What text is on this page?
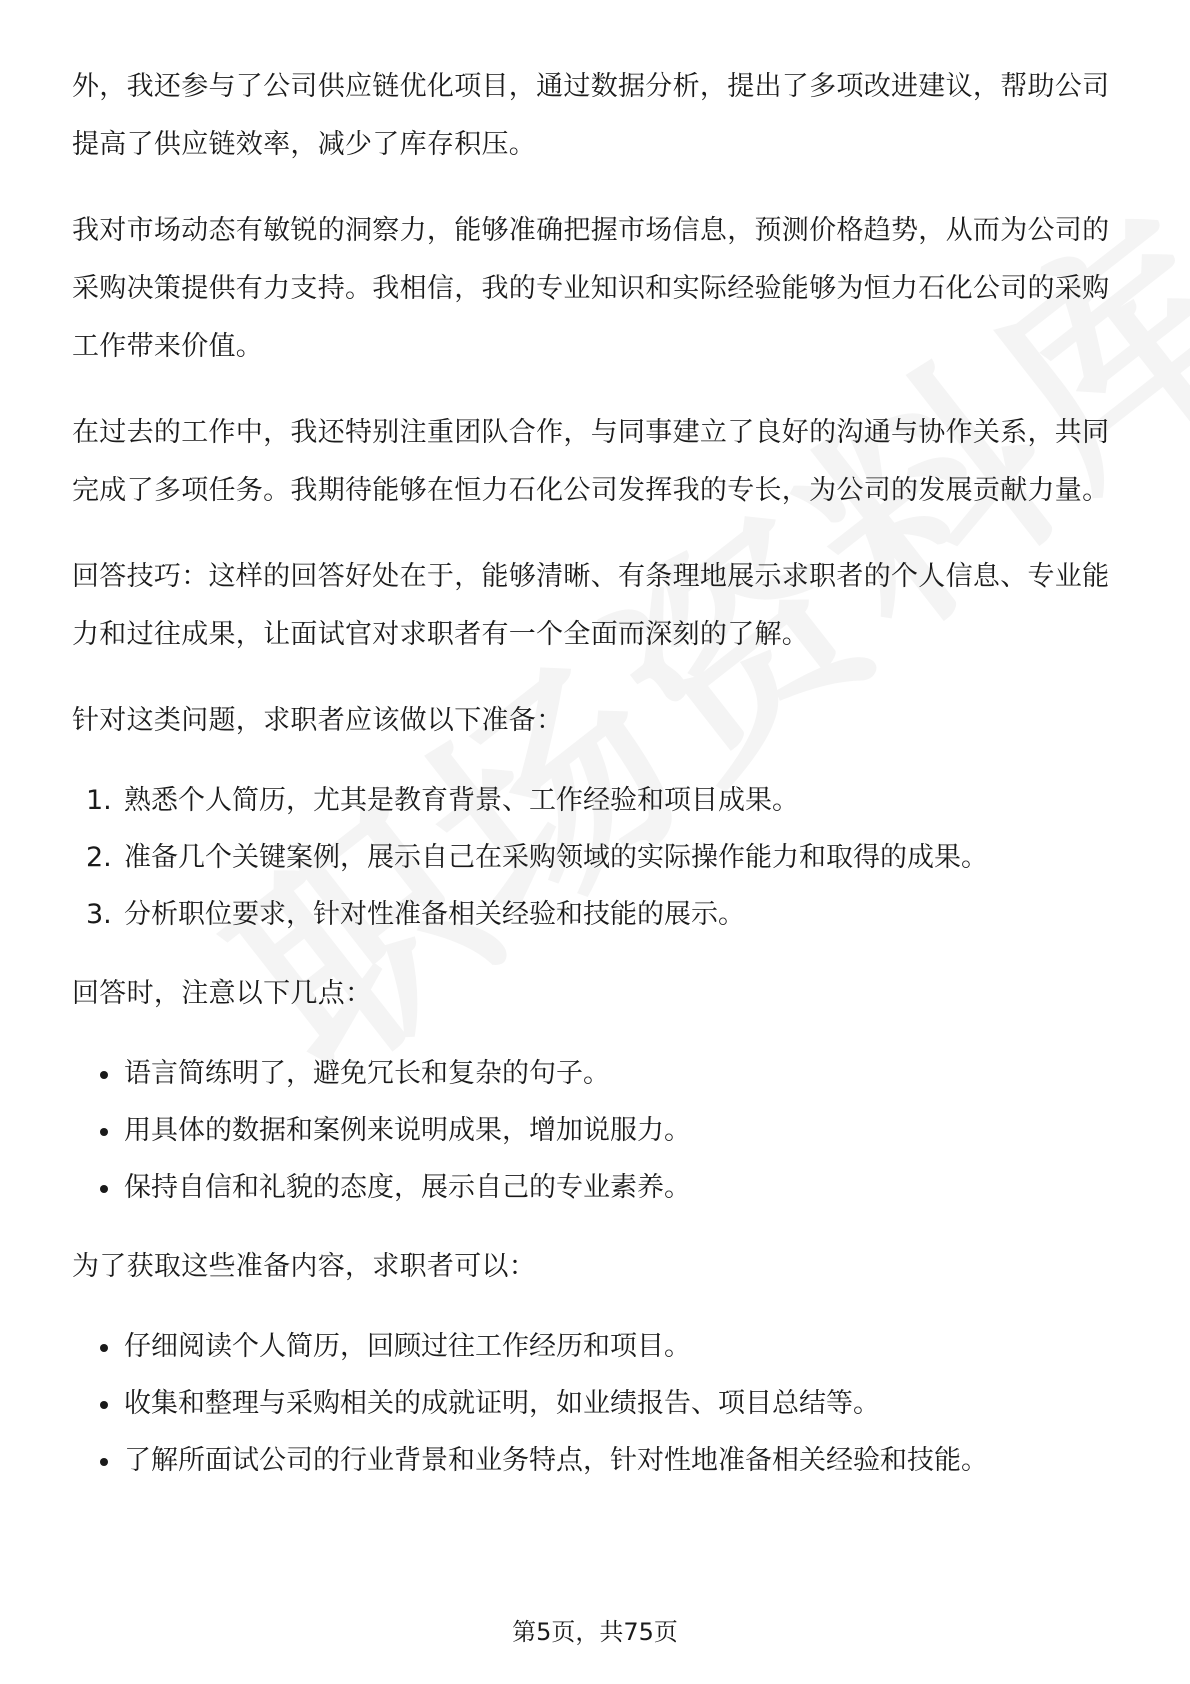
外，我还参与了公司供应链优化项目，通过数据分析，提出了多项改进建议，帮助公司提高了供应链效率，减少了库存积压。

我对市场动态有敏锐的洞察力，能够准确把握市场信息，预测价格趋势，从而为公司的采购决策提供有力支持。我相信，我的专业知识和实际经验能够为恒力石化公司的采购工作带来价值。

在过去的工作中，我还特别注重团队合作，与同事建立了良好的沟通与协作关系，共同完成了多项任务。我期待能够在恒力石化公司发挥我的专长，为公司的发展贡献力量。

回答技巧：这样的回答好处在于，能够清晰、有条理地展示求职者的个人信息、专业能力和过往成果，让面试官对求职者有一个全面而深刻的了解。

针对这类问题，求职者应该做以下准备：

1. 熟悉个人简历，尤其是教育背景、工作经验和项目成果。
2. 准备几个关键案例，展示自己在采购领域的实际操作能力和取得的成果。
3. 分析职位要求，针对性准备相关经验和技能的展示。

回答时，注意以下几点：

语言简练明了，避免冗长和复杂的句子。
用具体的数据和案例来说明成果，增加说服力。
保持自信和礼貌的态度，展示自己的专业素养。

为了获取这些准备内容，求职者可以：

仔细阅读个人简历，回顾过往工作经历和项目。
收集和整理与采购相关的成就证明，如业绩报告、项目总结等。
了解所面试公司的行业背景和业务特点，针对性地准备相关经验和技能。
第5页，共75页
